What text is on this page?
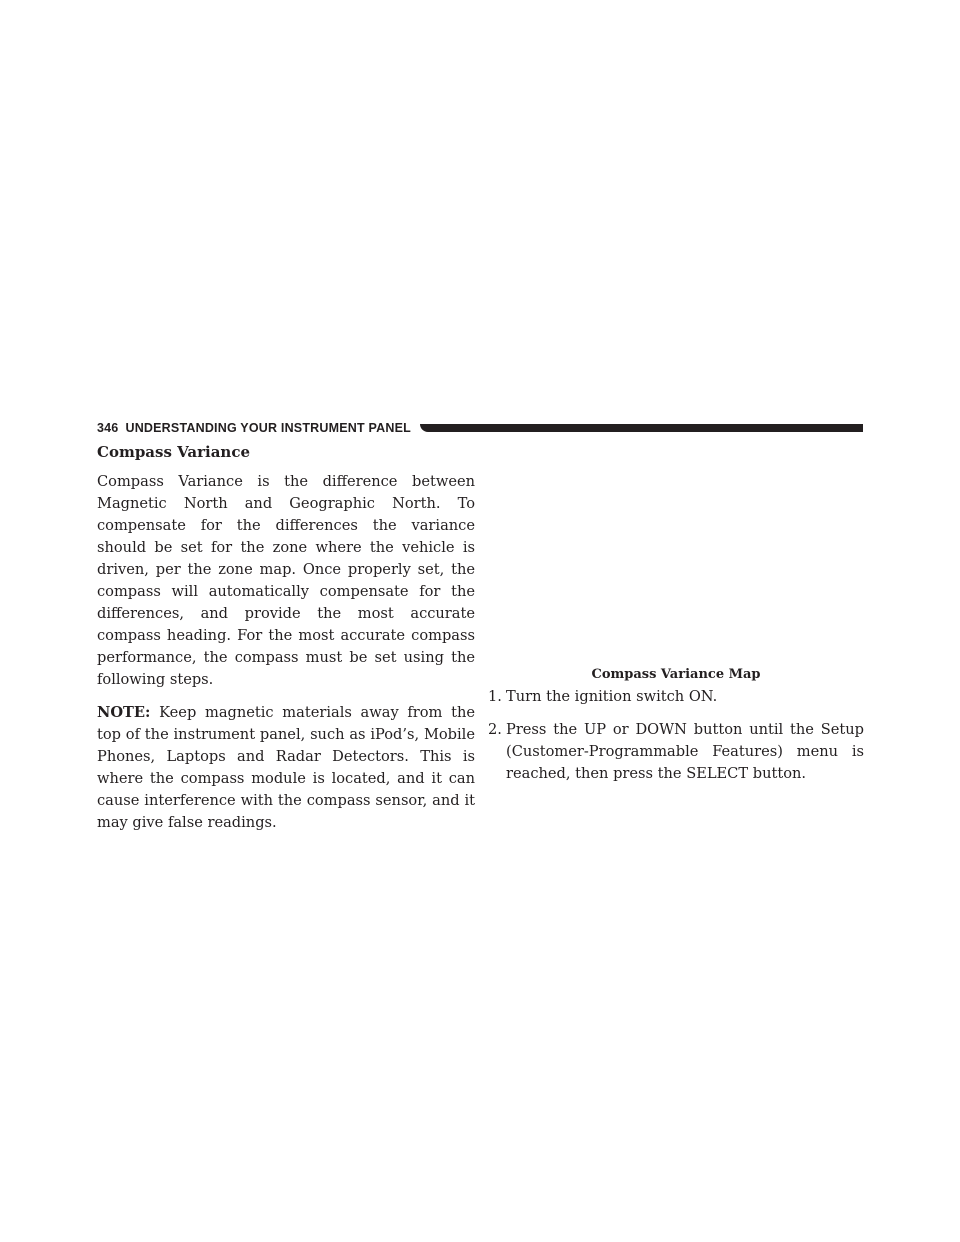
346 UNDERSTANDING YOUR INSTRUMENT PANEL
Compass Variance

Compass Variance is the difference between Magnetic North and Geographic North. To compensate for the differences the variance should be set for the zone where the vehicle is driven, per the zone map. Once properly set, the compass will automatically compensate for the differences, and provide the most accurate compass heading. For the most accurate compass performance, the compass must be set using the following steps.

NOTE: Keep magnetic materials away from the top of the instrument panel, such as iPod’s, Mobile Phones, Laptops and Radar Detectors. This is where the compass module is located, and it can cause interference with the compass sensor, and it may give false readings.

Compass Variance Map

1. Turn the ignition switch ON.
2. Press the UP or DOWN button until the Setup (Customer-Programmable Features) menu is reached, then press the SELECT button.
